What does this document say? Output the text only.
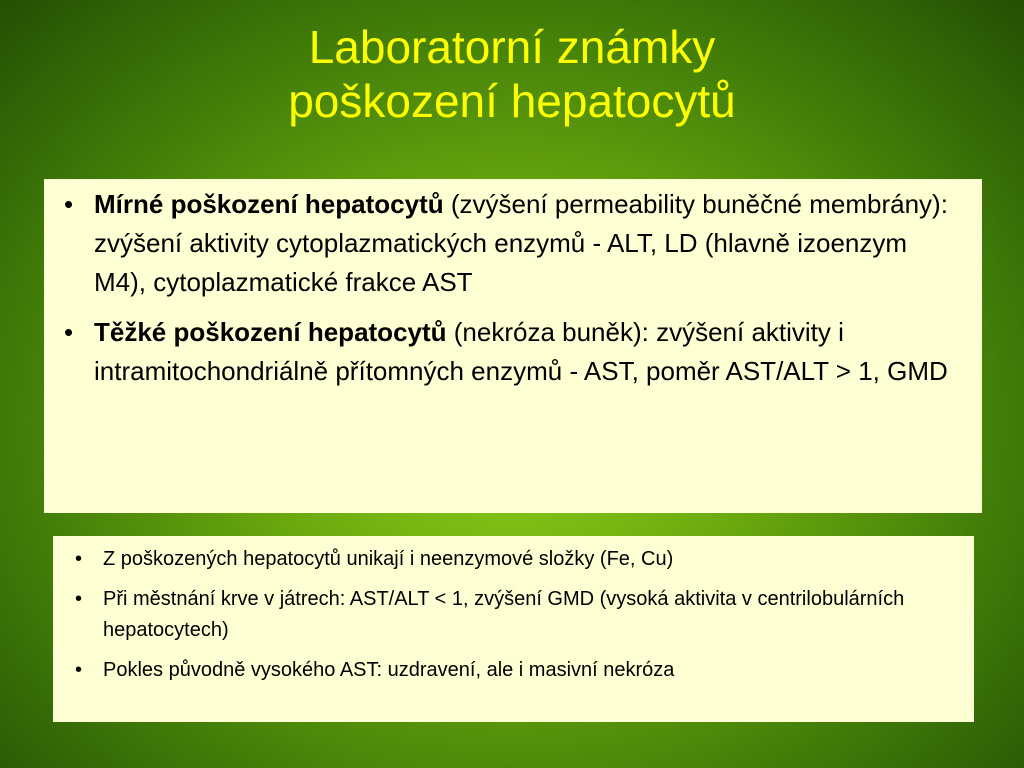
Laboratorní známky
poškození hepatocytů
• Mírné poškození hepatocytů (zvýšení permeability buněčné membrány): zvýšení aktivity cytoplazmatických enzymů - ALT, LD (hlavně izoenzym M4), cytoplazmatické frakce AST
• Těžké poškození hepatocytů (nekróza buněk): zvýšení aktivity i intramitochondriálně přítomných enzymů - AST, poměr AST/ALT > 1, GMD
• Z poškozených hepatocytů unikají i neenzymové složky (Fe, Cu)
• Při městnání krve v játrech: AST/ALT < 1, zvýšení GMD (vysoká aktivita v centrilobulárních hepatocytech)
• Pokles původně vysokého AST: uzdravení, ale i masivní nekróza
